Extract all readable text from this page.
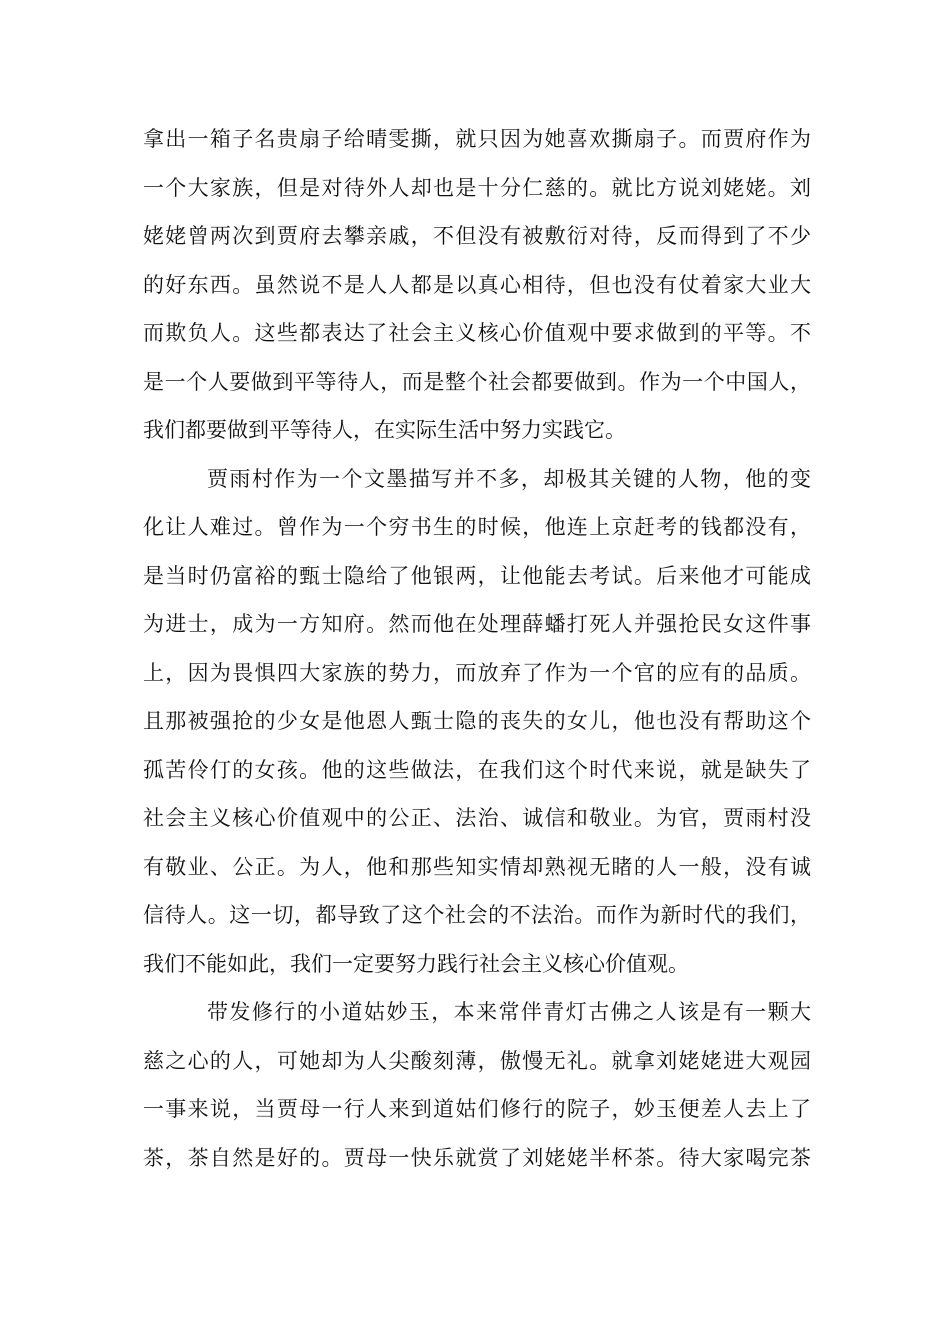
拿出一箱子名贵扇子给晴雯撕，就只因为她喜欢撕扇子。而贾府作为
一个大家族，但是对待外人却也是十分仁慈的。就比方说刘姥姥。刘
姥姥曾两次到贾府去攀亲戚，不但没有被敷衍对待，反而得到了不少
的好东西。虽然说不是人人都是以真心相待，但也没有仗着家大业大
而欺负人。这些都表达了社会主义核心价值观中要求做到的平等。不
是一个人要做到平等待人，而是整个社会都要做到。作为一个中国人，
我们都要做到平等待人，在实际生活中努力实践它。
贾雨村作为一个文墨描写并不多，却极其关键的人物，他的变
化让人难过。曾作为一个穷书生的时候，他连上京赶考的钱都没有，
是当时仍富裕的甄士隐给了他银两，让他能去考试。后来他才可能成
为进士，成为一方知府。然而他在处理薛蟠打死人并强抢民女这件事
上，因为畏惧四大家族的势力，而放弃了作为一个官的应有的品质。
且那被强抢的少女是他恩人甄士隐的丧失的女儿，他也没有帮助这个
孤苦伶仃的女孩。他的这些做法，在我们这个时代来说，就是缺失了
社会主义核心价值观中的公正、法治、诚信和敬业。为官，贾雨村没
有敬业、公正。为人，他和那些知实情却熟视无睹的人一般，没有诚
信待人。这一切，都导致了这个社会的不法治。而作为新时代的我们，
我们不能如此，我们一定要努力践行社会主义核心价值观。
带发修行的小道姑妙玉，本来常伴青灯古佛之人该是有一颗大
慈之心的人，可她却为人尖酸刻薄，傲慢无礼。就拿刘姥姥进大观园
一事来说，当贾母一行人来到道姑们修行的院子，妙玉便差人去上了
茶，茶自然是好的。贾母一快乐就赏了刘姥姥半杯茶。待大家喝完茶
